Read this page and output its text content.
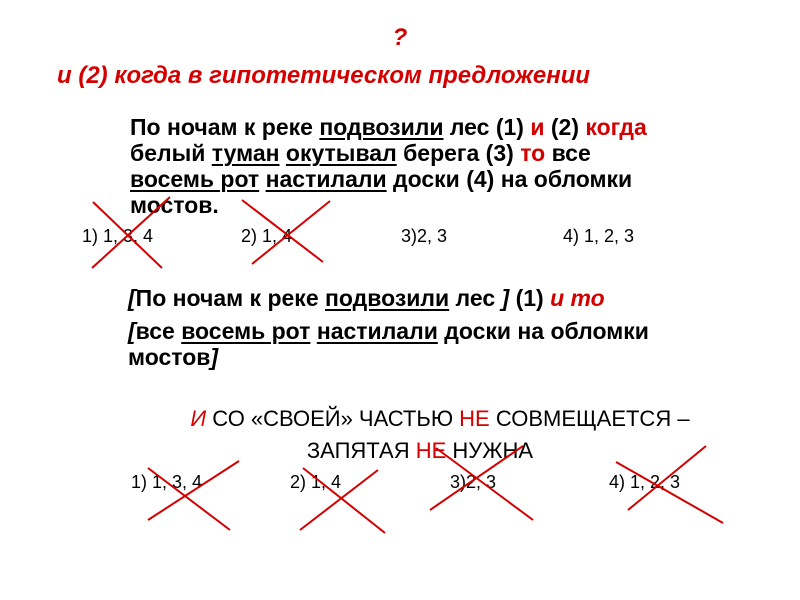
?
и (2) когда в гипотетическом предложении
По ночам к реке подвозили лес (1) и (2) когда
белый туман окутывал берега (3) то все
восемь рот настилали доски (4) на обломки
мостов.
1) 1, 3, 4	2) 1, 4	3)2, 3	4) 1, 2, 3
[По ночам к реке подвозили лес ] (1) и то
[все восемь рот настилали доски на обломки
мостов]
И СО «СВОЕЙ» ЧАСТЬЮ НЕ СОВМЕЩАЕТСЯ –
ЗАПЯТАЯ НЕ НУЖНА
1) 1, 3, 4	2) 1, 4	3)2, 3	4) 1, 2, 3
